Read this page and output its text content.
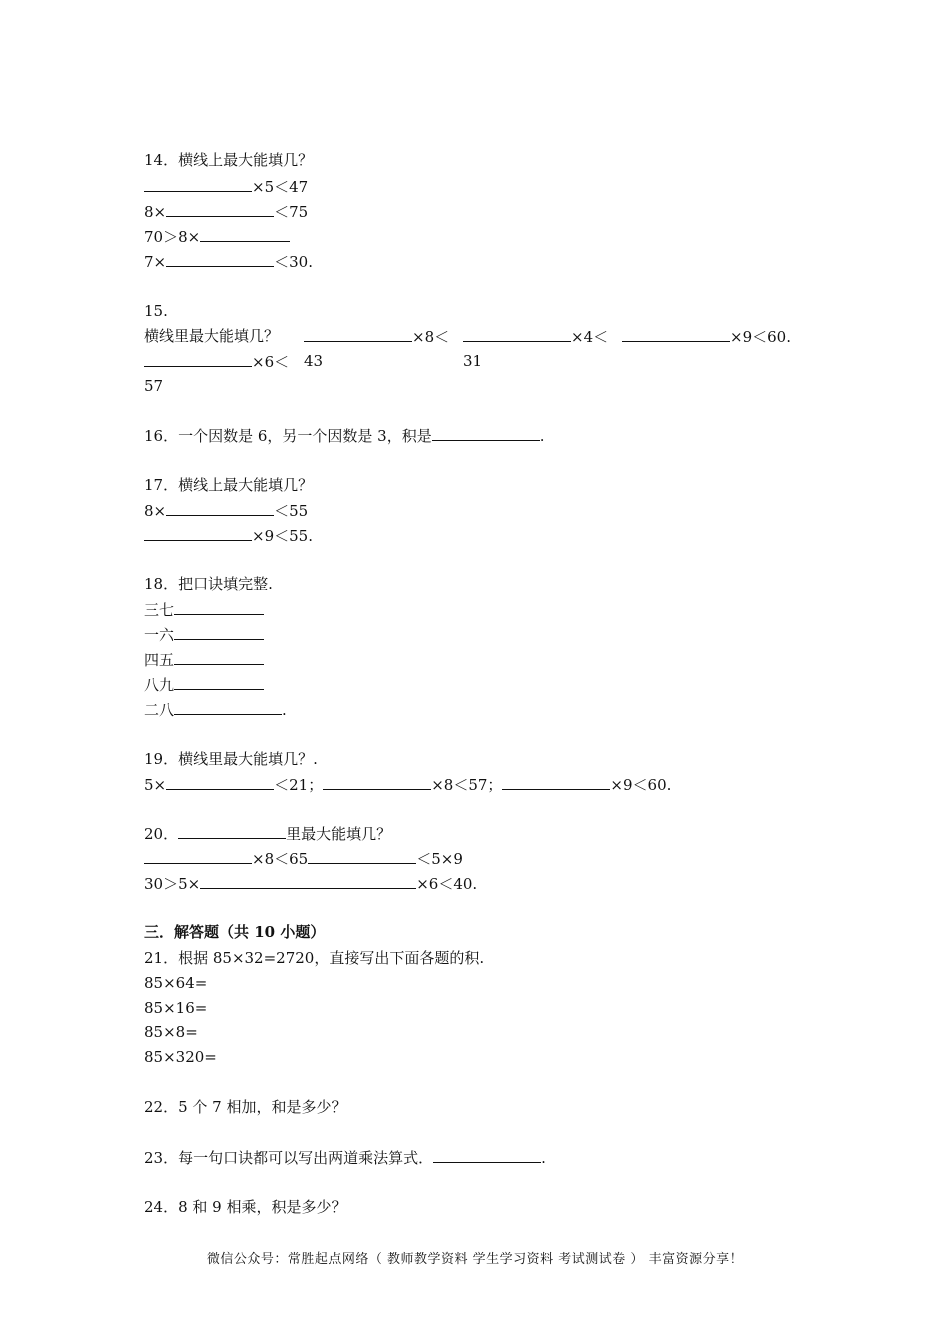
14．横线上最大能填几？
×5＜47
8×	＜75
70＞8×
7×	＜30.
15.
横线里最大能填几？	×8＜	×4＜	×9＜60.
×6＜ 43	31
57
16．一个因数是 6，另一个因数是 3，积是	.
17．横线上最大能填几？
8×	＜55
×9＜55.
18．把口诀填完整.
三七
一六
四五
八九
二八	.
19．横线里最大能填几？.
5×	＜21；	×8＜57；	×9＜60.
20．	里最大能填几？
×8＜65	＜5×9
30＞5×	×6＜40.
三．解答题（共 10 小题）
21．根据 85×32=2720，直接写出下面各题的积.
85×64=
85×16=
85×8=
85×320=
22．5 个 7 相加，和是多少？
23．每一句口诀都可以写出两道乘法算式．	.
24．8 和 9 相乘，积是多少？
微信公众号：常胜起点网络（ 教师教学资料 学生学习资料 考试测试卷 ） 丰富资源分享！
